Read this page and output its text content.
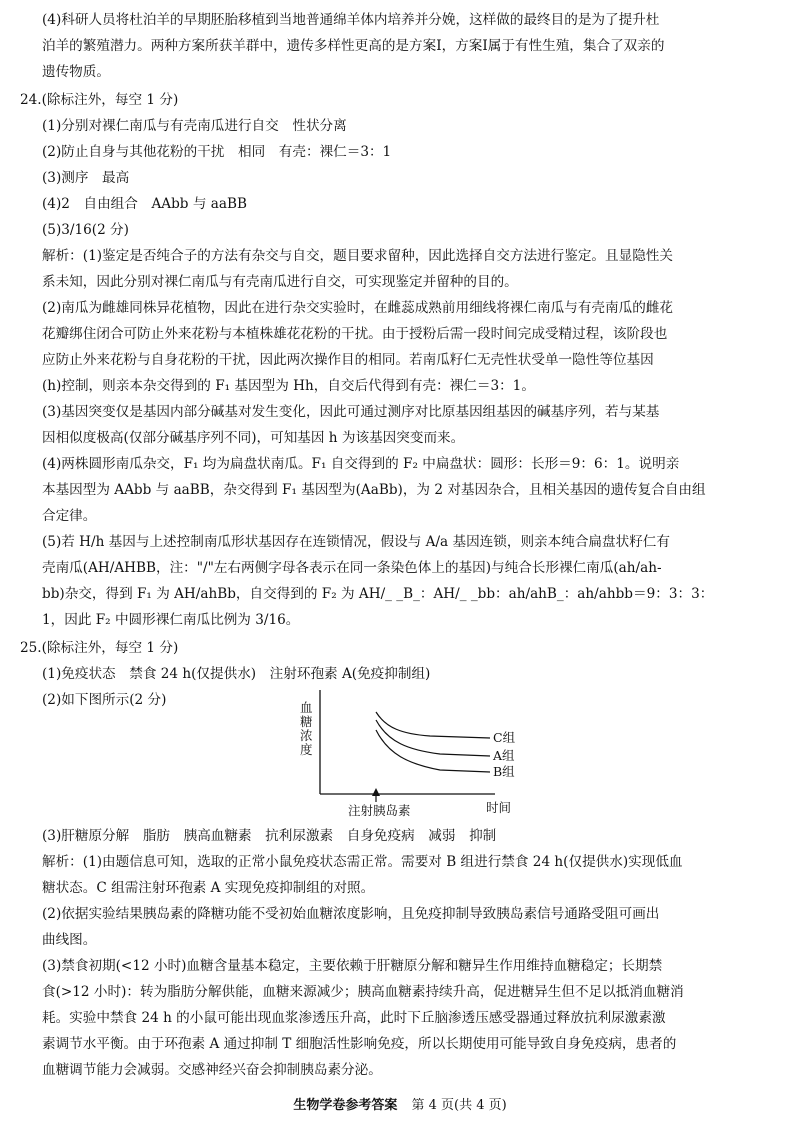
(4)科研人员将杜泊羊的早期胚胎移植到当地普通绵羊体内培养并分娩，这样做的最终目的是为了提升杜
泊羊的繁殖潜力。两种方案所获羊群中，遗传多样性更高的是方案Ⅰ，方案Ⅰ属于有性生殖，集合了双亲的
遗传物质。
24.(除标注外，每空 1 分)
(1)分别对裸仁南瓜与有壳南瓜进行自交　性状分离
(2)防止自身与其他花粉的干扰　相同　有壳：裸仁＝3：1
(3)测序　最高
(4)2　自由组合　AAbb 与 aaBB
(5)3/16(2 分)
解析：(1)鉴定是否纯合子的方法有杂交与自交，题目要求留种，因此选择自交方法进行鉴定。且显隐性关
系未知，因此分别对裸仁南瓜与有壳南瓜进行自交，可实现鉴定并留种的目的。
(2)南瓜为雌雄同株异花植物，因此在进行杂交实验时，在雌蕊成熟前用细线将裸仁南瓜与有壳南瓜的雌花
花瓣绑住闭合可防止外来花粉与本植株雄花花粉的干扰。由于授粉后需一段时间完成受精过程，该阶段也
应防止外来花粉与自身花粉的干扰，因此两次操作目的相同。若南瓜籽仁无壳性状受单一隐性等位基因
(h)控制，则亲本杂交得到的 F₁ 基因型为 Hh，自交后代得到有壳：裸仁＝3：1。
(3)基因突变仅是基因内部分碱基对发生变化，因此可通过测序对比原基因组基因的碱基序列，若与某基
因相似度极高(仅部分碱基序列不同)，可知基因 h 为该基因突变而来。
(4)两株圆形南瓜杂交，F₁ 均为扁盘状南瓜。F₁ 自交得到的 F₂ 中扁盘状：圆形：长形＝9：6：1。说明亲
本基因型为 AAbb 与 aaBB，杂交得到 F₁ 基因型为(AaBb)，为 2 对基因杂合，且相关基因的遗传复合自由组
合定律。
(5)若 H/h 基因与上述控制南瓜形状基因存在连锁情况，假设与 A/a 基因连锁，则亲本纯合扁盘状籽仁有
壳南瓜(AH/AHBB，注："/"左右两侧字母各表示在同一条染色体上的基因)与纯合长形裸仁南瓜(ah/ah-
bb)杂交，得到 F₁ 为 AH/ahBb，自交得到的 F₂ 为 AH/_ _B_：AH/_ _bb：ah/ahB_：ah/ahbb＝9：3：3：
1，因此 F₂ 中圆形裸仁南瓜比例为 3/16。
25.(除标注外，每空 1 分)
(1)免疫状态　禁食 24 h(仅提供水)　注射环孢素 A(免疫抑制组)
(2)如下图所示(2 分)
(3)肝糖原分解　脂肪　胰高血糖素　抗利尿激素　自身免疫病　减弱　抑制
解析：(1)由题信息可知，选取的正常小鼠免疫状态需正常。需要对 B 组进行禁食 24 h(仅提供水)实现低血
糖状态。C 组需注射环孢素 A 实现免疫抑制组的对照。
(2)依据实验结果胰岛素的降糖功能不受初始血糖浓度影响，且免疫抑制导致胰岛素信号通路受阻可画出
曲线图。
(3)禁食初期(<12 小时)血糖含量基本稳定，主要依赖于肝糖原分解和糖异生作用维持血糖稳定；长期禁
食(>12 小时)：转为脂肪分解供能，血糖来源减少；胰高血糖素持续升高，促进糖异生但不足以抵消血糖消
耗。实验中禁食 24 h 的小鼠可能出现血浆渗透压升高，此时下丘脑渗透压感受器通过释放抗利尿激素激
素调节水平衡。由于环孢素 A 通过抑制 T 细胞活性影响免疫，所以长期使用可能导致自身免疫病，患者的
血糖调节能力会减弱。交感神经兴奋会抑制胰岛素分泌。
血糖浓度
C组
A组
B组
注射胰岛素	时间
生物学卷参考答案 第 4 页(共 4 页)
